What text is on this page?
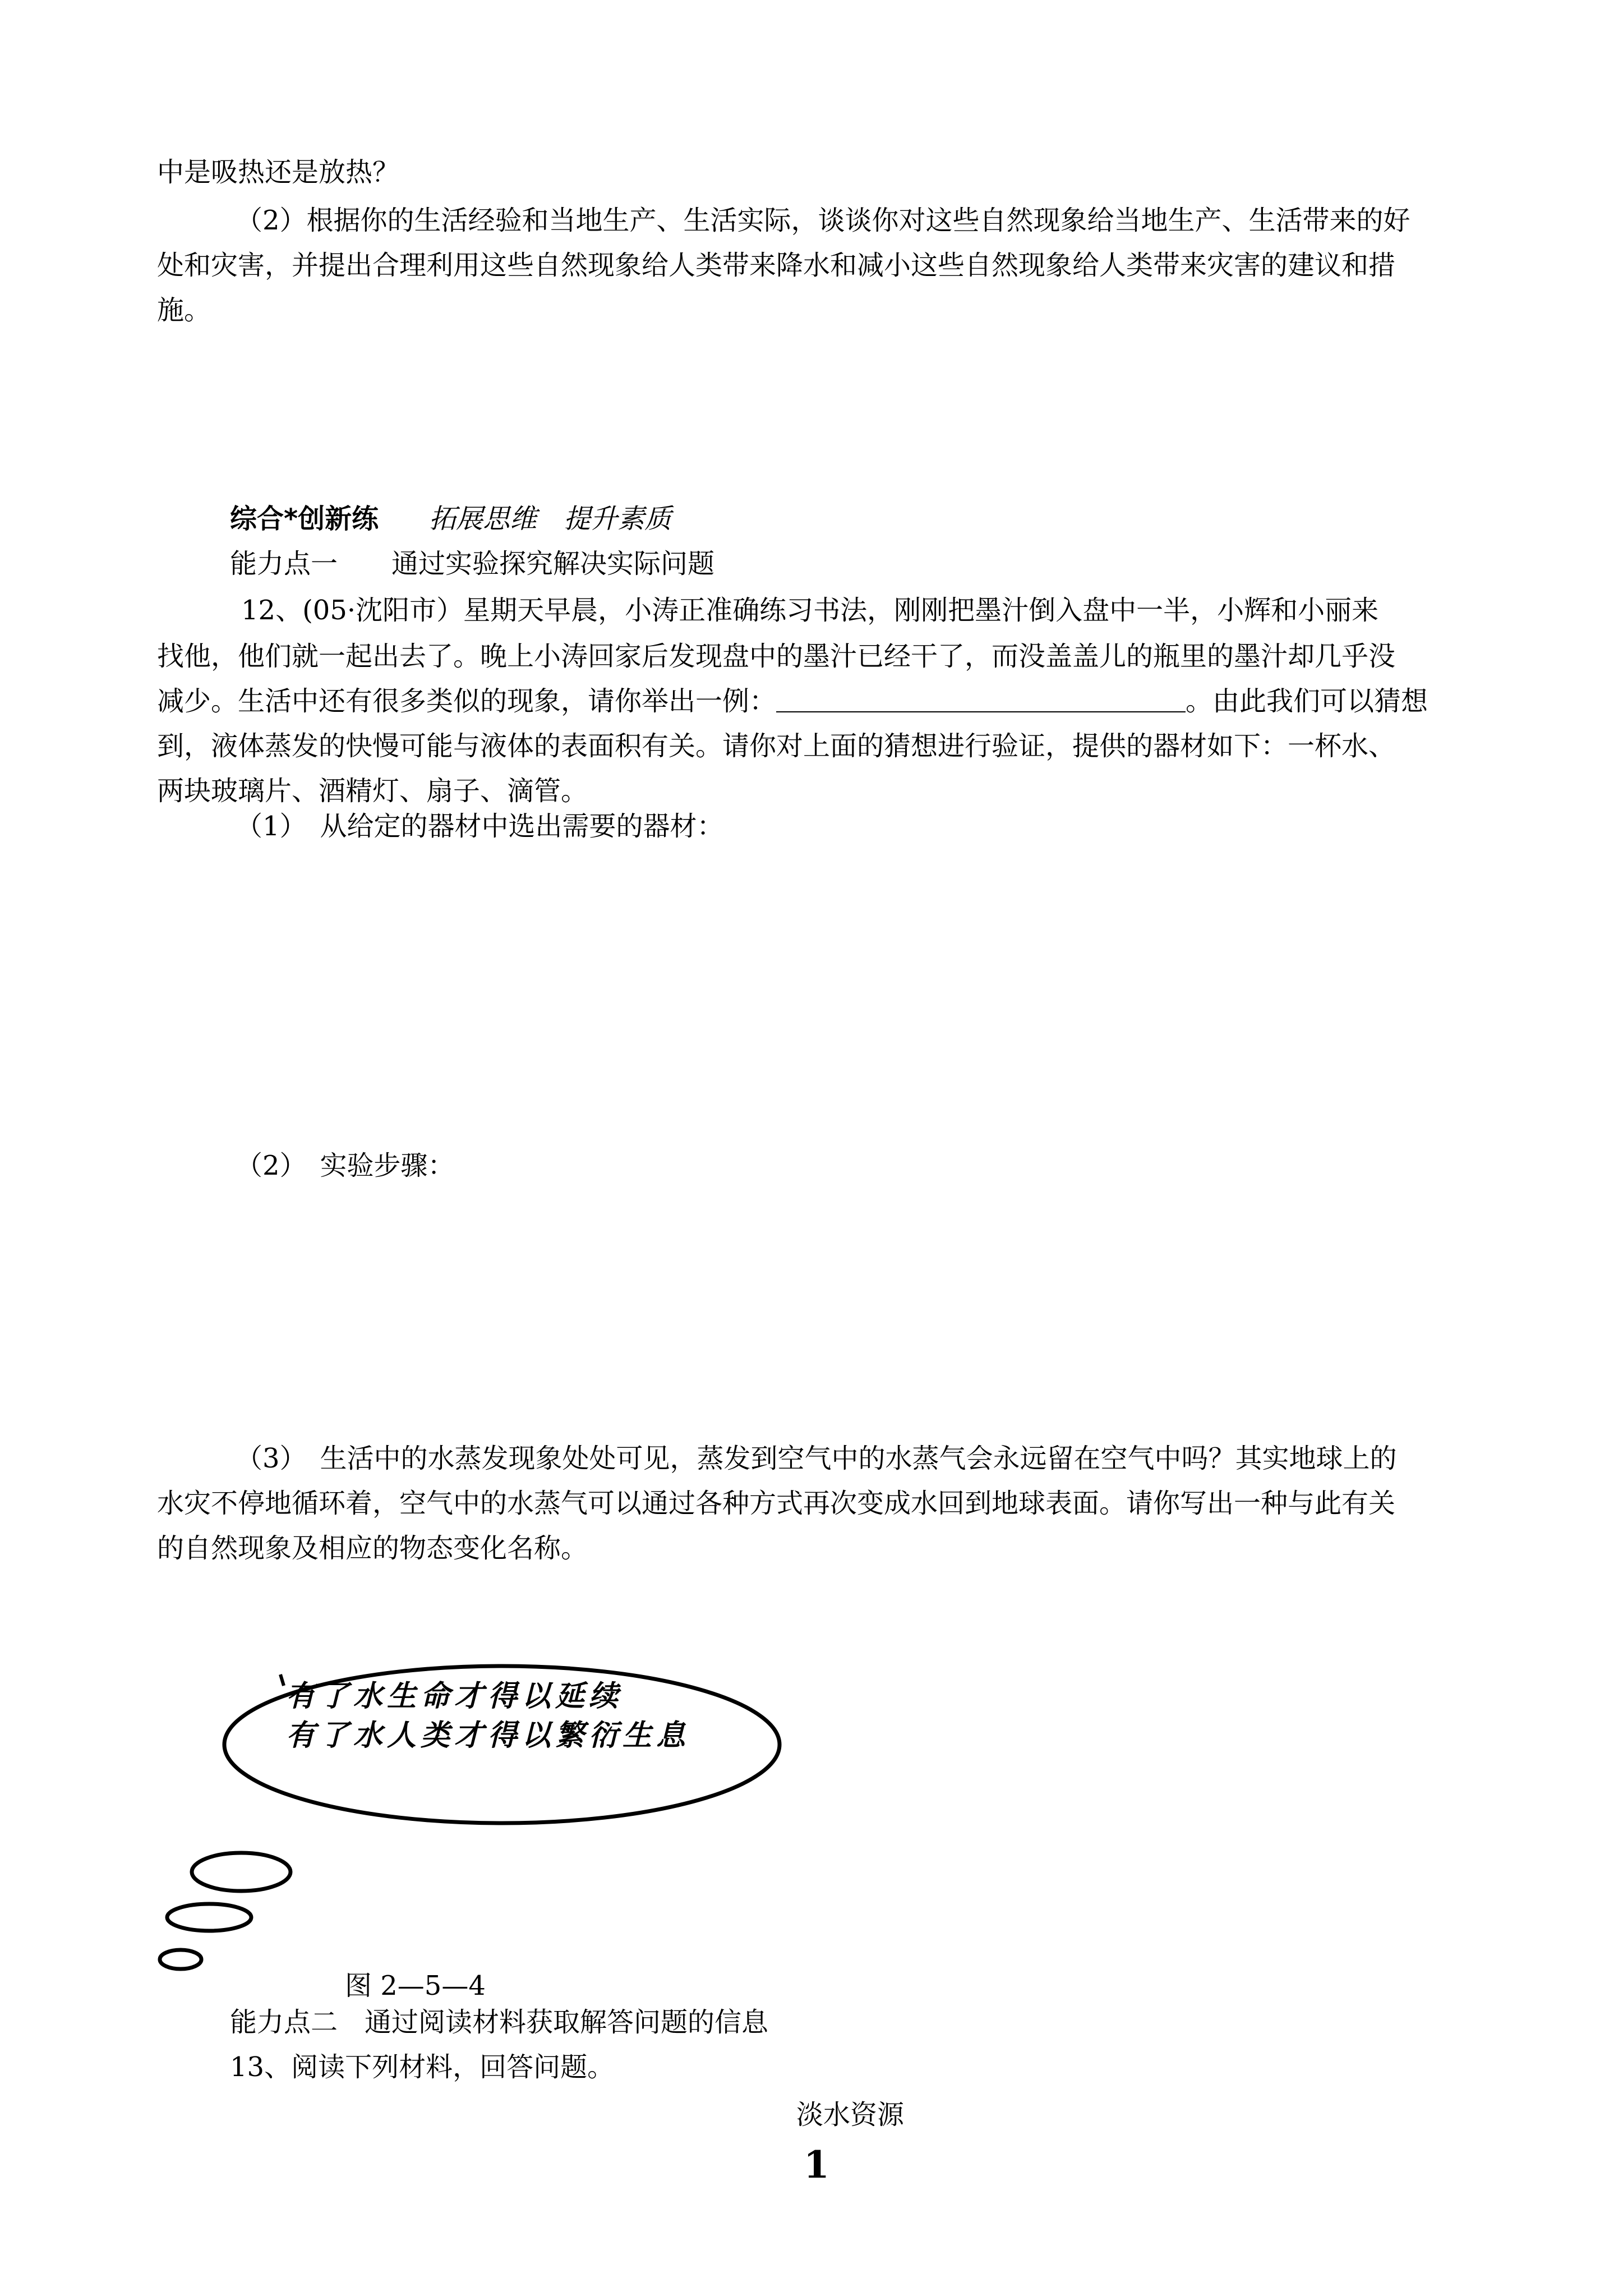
中是吸热还是放热？
（2）根据你的生活经验和当地生产、生活实际，谈谈你对这些自然现象给当地生产、生活带来的好
处和灾害，并提出合理利用这些自然现象给人类带来降水和减小这些自然现象给人类带来灾害的建议和措
施。
综合*创新练 拓展思维　提升素质
能力点一　　通过实验探究解决实际问题
12、(05·沈阳市）星期天早晨，小涛正准确练习书法，刚刚把墨汁倒入盘中一半，小辉和小丽来
找他，他们就一起出去了。晚上小涛回家后发现盘中的墨汁已经干了，而没盖盖儿的瓶里的墨汁却几乎没
减少。生活中还有很多类似的现象，请你举出一例：	。由此我们可以猜想
到，液体蒸发的快慢可能与液体的表面积有关。请你对上面的猜想进行验证，提供的器材如下：一杯水、
两块玻璃片、酒精灯、扇子、滴管。
（1）　从给定的器材中选出需要的器材：
（2）　实验步骤：
（3）　生活中的水蒸发现象处处可见，蒸发到空气中的水蒸气会永远留在空气中吗？其实地球上的
水灾不停地循环着，空气中的水蒸气可以通过各种方式再次变成水回到地球表面。请你写出一种与此有关
的自然现象及相应的物态变化名称。
有了水生命才得以延续
有了水人类才得以繁衍生息
图 2—5—4
能力点二　通过阅读材料获取解答问题的信息
13、阅读下列材料，回答问题。
淡水资源
1
